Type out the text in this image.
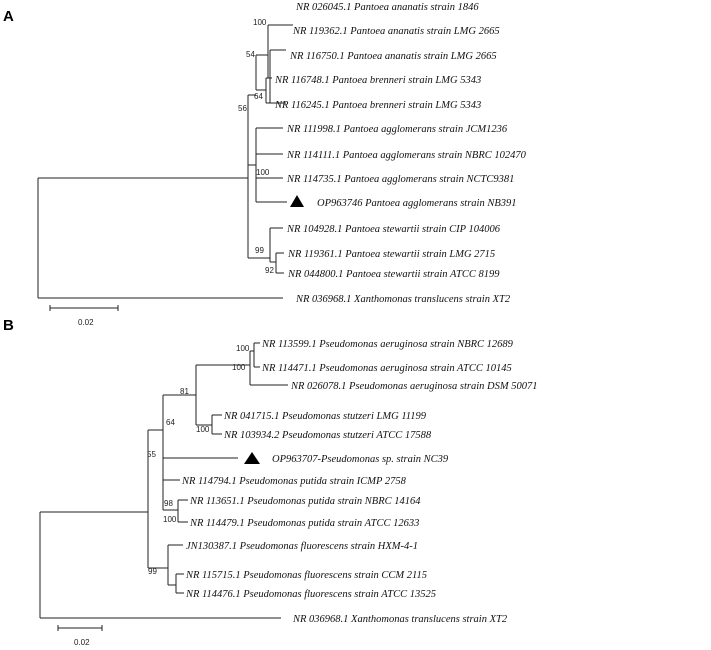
A
NR 026045.1 Pantoea ananatis strain 1846
NR 119362.1 Pantoea ananatis strain LMG 2665
NR 116750.1 Pantoea ananatis strain LMG 2665
NR 116748.1 Pantoea brenneri strain LMG 5343
NR 116245.1 Pantoea brenneri strain LMG 5343
NR 111998.1 Pantoea agglomerans strain JCM1236
NR 114111.1 Pantoea agglomerans strain NBRC 102470
NR 114735.1 Pantoea agglomerans strain NCTC9381
OP963746 Pantoea agglomerans strain NB391
NR 104928.1 Pantoea stewartii strain CIP 104006
NR 119361.1 Pantoea stewartii strain LMG 2715
NR 044800.1 Pantoea stewartii strain ATCC 8199
NR 036968.1 Xanthomonas translucens strain XT2
100
54
64
56
100
99
92
0.02
B
NR 113599.1 Pseudomonas aeruginosa strain NBRC 12689
NR 114471.1 Pseudomonas aeruginosa strain ATCC 10145
NR 026078.1 Pseudomonas aeruginosa strain DSM 50071
NR 041715.1 Pseudomonas stutzeri LMG 11199
NR 103934.2 Pseudomonas stutzeri ATCC 17588
OP963707-Pseudomonas sp. strain NC39
NR 114794.1 Pseudomonas putida strain ICMP 2758
NR 113651.1 Pseudomonas putida strain NBRC 14164
NR 114479.1 Pseudomonas putida strain ATCC 12633
JN130387.1 Pseudomonas fluorescens strain HXM-4-1
NR 115715.1 Pseudomonas fluorescens strain CCM 2115
NR 114476.1 Pseudomonas fluorescens strain ATCC 13525
NR 036968.1 Xanthomonas translucens strain XT2
100
100
81
100
64
55
98
100
99
0.02
